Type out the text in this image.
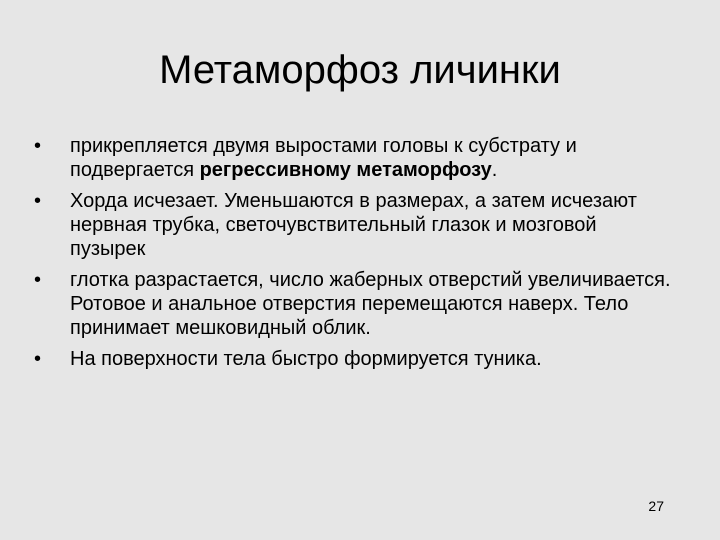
Метаморфоз личинки
•	прикрепляется двумя выростами головы к субстрату и подвергается регрессивному метаморфозу.
•	Хорда исчезает. Уменьшаются в размерах, а затем исчезают нервная трубка, светочувствительный глазок и мозговой пузырек
•	глотка разрастается, число жаберных отверстий увеличивается. Ротовое и анальное отверстия перемещаются наверх. Тело принимает мешковидный облик.
•	На поверхности тела быстро формируется туника.
27
